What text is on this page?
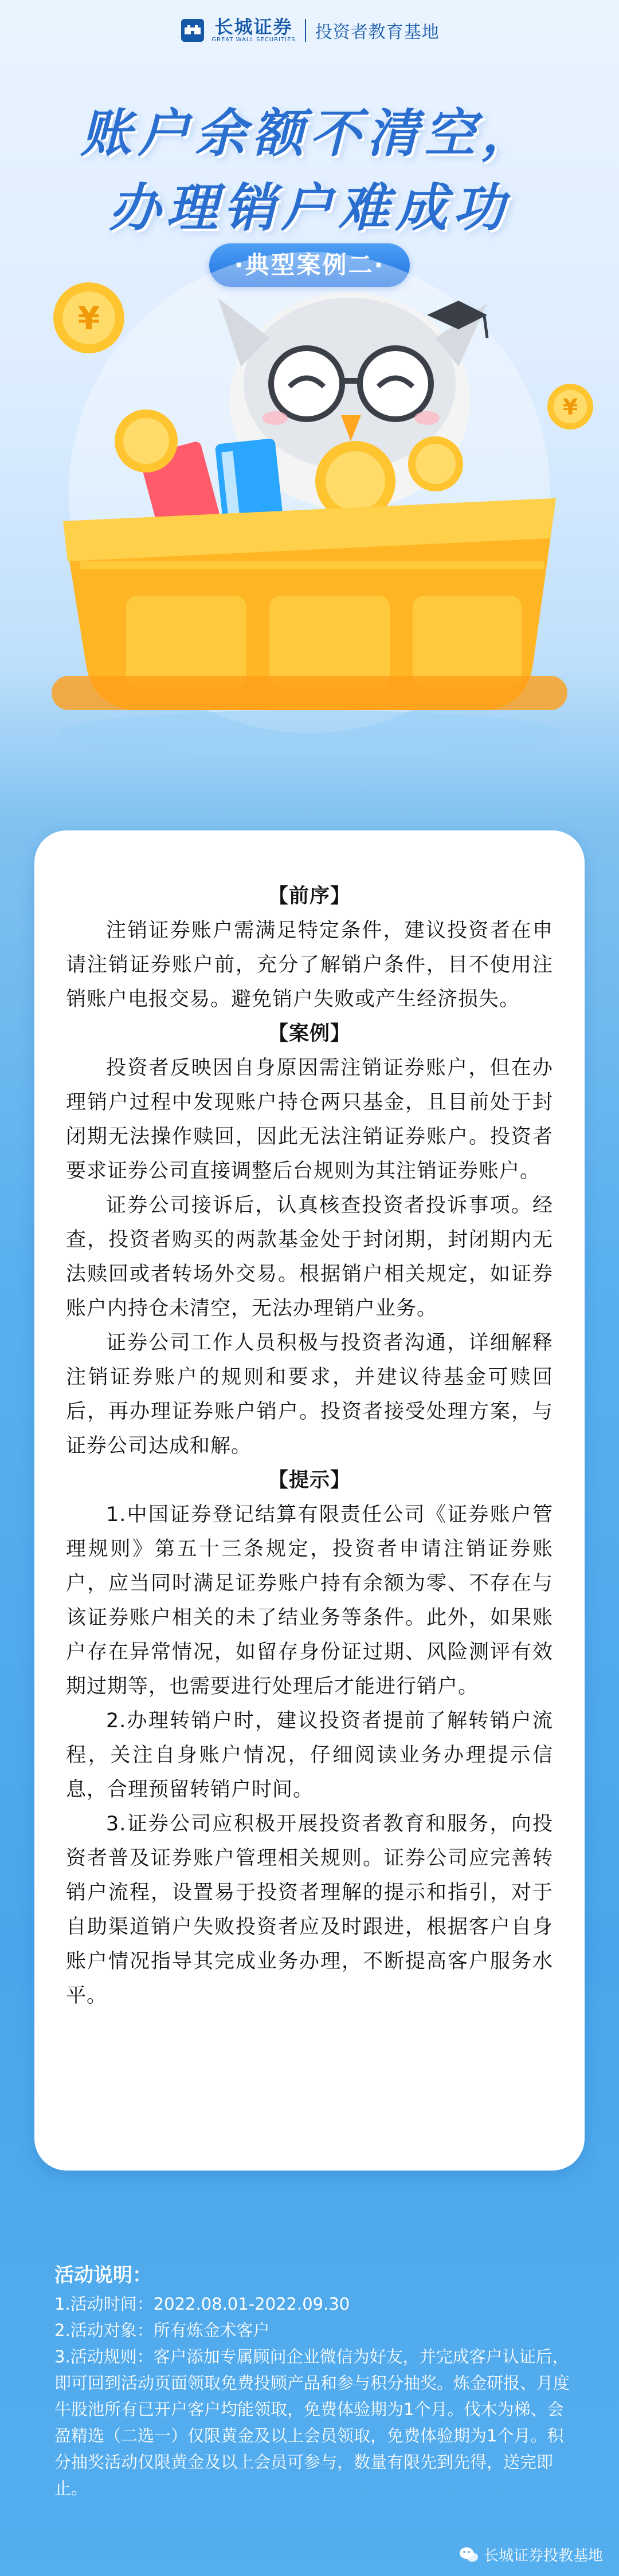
长城证券
GREAT WALL SECURITIES 投资者教育基地
账户余额不清空，
办理销户难成功
·典型案例二·
¥
¥
【前序】

注销证券账户需满足特定条件，建议投资者在申请注销证券账户前，充分了解销户条件，目不使用注销账户电报交易。避免销户失败或产生经济损失。

【案例】

投资者反映因自身原因需注销证券账户，但在办理销户过程中发现账户持仓两只基金，且目前处于封闭期无法操作赎回，因此无法注销证券账户。投资者要求证券公司直接调整后台规则为其注销证券账户。

证券公司接诉后，认真核查投资者投诉事项。经查，投资者购买的两款基金处于封闭期，封闭期内无法赎回或者转场外交易。根据销户相关规定，如证券账户内持仓未清空，无法办理销户业务。

证券公司工作人员积极与投资者沟通，详细解释注销证券账户的规则和要求，并建议待基金可赎回后，再办理证券账户销户。投资者接受处理方案，与证券公司达成和解。

【提示】

1.中国证券登记结算有限责任公司《证券账户管理规则》第五十三条规定，投资者申请注销证券账户，应当同时满足证券账户持有余额为零、不存在与该证券账户相关的未了结业务等条件。此外，如果账户存在异常情况，如留存身份证过期、风险测评有效期过期等，也需要进行处理后才能进行销户。

2.办理转销户时，建议投资者提前了解转销户流程，关注自身账户情况，仔细阅读业务办理提示信息，合理预留转销户时间。

3.证券公司应积极开展投资者教育和服务，向投资者普及证券账户管理相关规则。证券公司应完善转销户流程，设置易于投资者理解的提示和指引，对于自助渠道销户失败投资者应及时跟进，根据客户自身账户情况指导其完成业务办理，不断提高客户服务水平。

活动说明：
1.活动时间：2022.08.01-2022.09.30
2.活动对象：所有炼金术客户
3.活动规则：客户添加专属顾问企业微信为好友，并完成客户认证后，即可回到活动页面领取免费投顾产品和参与积分抽奖。炼金研报、月度牛股池所有已开户客户均能领取，免费体验期为1个月。伐木为梯、会盈精选（二选一）仅限黄金及以上会员领取，免费体验期为1个月。积分抽奖活动仅限黄金及以上会员可参与，数量有限先到先得，送完即止。
长城证券投教基地
